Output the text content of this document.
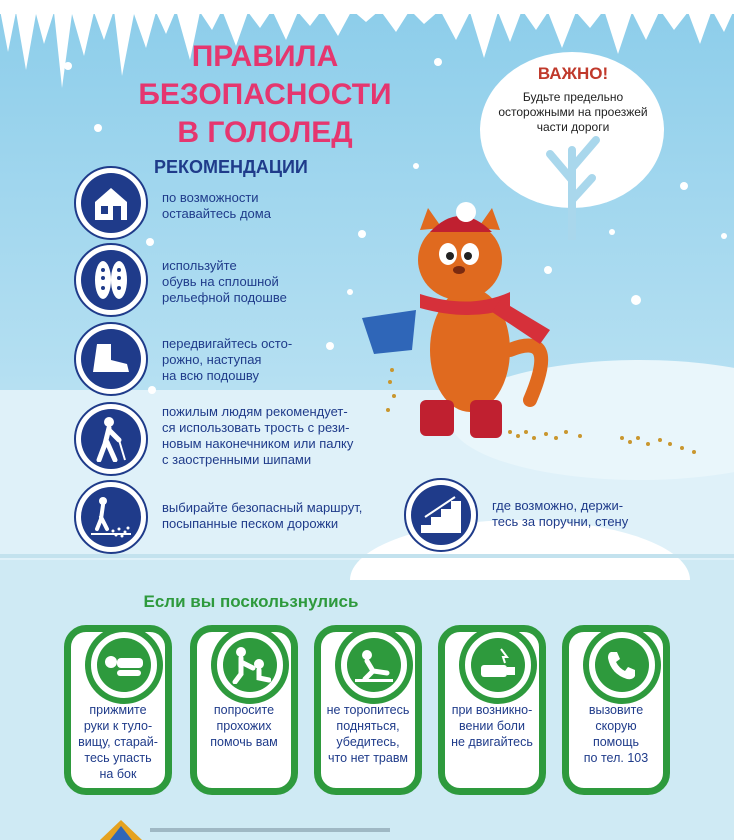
ПРАВИЛА
БЕЗОПАСНОСТИ
В ГОЛОЛЕД
РЕКОМЕНДАЦИИ
ВАЖНО!
Будьте предельно
осторожными на проезжей
части дороги
по возможности
оставайтесь дома
используйте
обувь на сплошной
рельефной подошве
передвигайтесь осто-
рожно, наступая
на всю подошву
пожилым людям рекомендует-
ся использовать трость с рези-
новым наконечником или палку
с заостренными шипами
выбирайте безопасный маршрут,
посыпанные песком дорожки
где возможно, держи-
тесь за поручни, стену
Если вы поскользнулись
прижмите
руки к туло-
вищу, старай-
тесь упасть
на бок
попросите
прохожих
помочь вам
не торопитесь
подняться,
убедитесь,
что нет травм
при возникно-
вении боли
не двигайтесь
вызовите
скорую
помощь
по тел. 103
